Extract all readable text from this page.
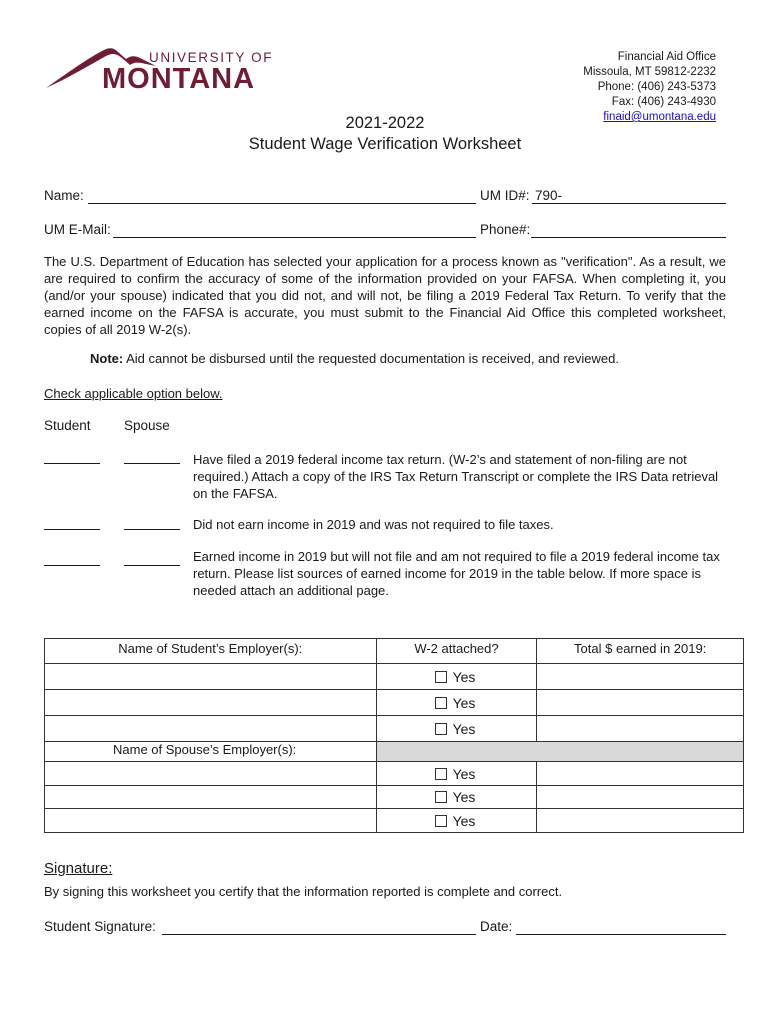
UNIVERSITY OF
MONTANA
Financial Aid Office
Missoula, MT 59812-2232
Phone: (406) 243-5373
Fax: (406) 243-4930
finaid@umontana.edu
2021-2022
Student Wage Verification Worksheet
Name:	UM ID#: 790-
UM E-Mail:	Phone#:
The U.S. Department of Education has selected your application for a process known as "verification". As a result, we are required to confirm the accuracy of some of the information provided on your FAFSA. When completing it, you (and/or your spouse) indicated that you did not, and will not, be filing a 2019 Federal Tax Return. To verify that the earned income on the FAFSA is accurate, you must submit to the Financial Aid Office this completed worksheet, copies of all 2019 W-2(s).
Note: Aid cannot be disbursed until the requested documentation is received, and reviewed.
Check applicable option below.
Student Spouse
Have filed a 2019 federal income tax return. (W-2’s and statement of non-filing are not required.) Attach a copy of the IRS Tax Return Transcript or complete the IRS Data retrieval on the FAFSA.
Did not earn income in 2019 and was not required to file taxes.
Earned income in 2019 but will not file and am not required to file a 2019 federal income tax return. Please list sources of earned income for 2019 in the table below. If more space is needed attach an additional page.
Name of Student’s Employer(s):	W-2 attached?	Total $ earned in 2019:
	Yes	
	Yes	
	Yes	
Name of Spouse’s Employer(s):		
	Yes	
	Yes	
	Yes	
Signature:
By signing this worksheet you certify that the information reported is complete and correct.
Student Signature:	Date:
